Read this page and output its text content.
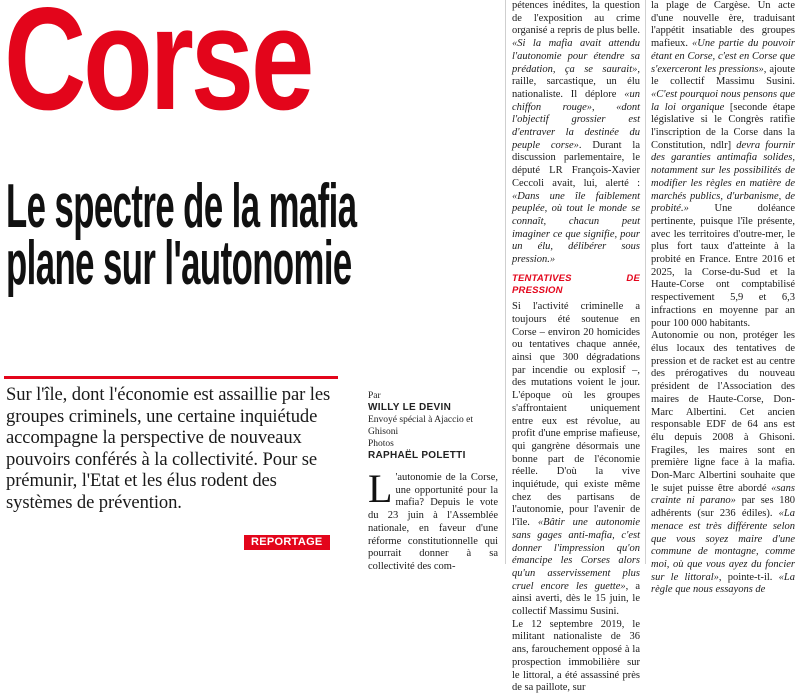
Corse
Le spectre de la mafia
plane sur l'autonomie

Sur l'île, dont l'économie est assaillie par les groupes criminels, une certaine inquiétude accompagne la perspective de nouveaux pouvoirs conférés à la collectivité. Pour se prémunir, l'Etat et les élus rodent des systèmes de prévention.

REPORTAGE
Par
WILLY LE DEVIN
Envoyé spécial à Ajaccio et Ghisoni
Photos
RAPHAËL POLETTI

L 'autonomie de la Corse, une opportunité pour la mafia? Depuis le vote du 23 juin à l'Assemblée nationale, en faveur d'une réforme constitutionnelle qui pourrait donner à sa collectivité des com-

pétences inédites, la question de l'exposition au crime organisé a repris de plus belle. «Si la mafia avait attendu l'autonomie pour étendre sa prédation, ça se saurait», raille, sarcastique, un élu nationaliste. Il déplore «un chiffon rouge», «dont l'objectif grossier est d'entraver la destinée du peuple corse». Durant la discussion parlementaire, le député LR François-Xavier Ceccoli avait, lui, alerté : «Dans une île faiblement peuplée, où tout le monde se connaît, chacun peut imaginer ce que signifie, pour un élu, délibérer sous pression.»

TENTATIVES DE PRESSION

Si l'activité criminelle a toujours été soutenue en Corse – environ 20 homicides ou tentatives chaque année, ainsi que 300 dégradations par incendie ou explosif –, des mutations voient le jour. L'époque où les groupes s'affrontaient uniquement entre eux est révolue, au profit d'une emprise mafieuse, qui gangrène désormais une bonne part de l'économie réelle. D'où la vive inquiétude, qui existe même chez des partisans de l'autonomie, pour l'avenir de l'île. «Bâtir une autonomie sans gages anti-mafia, c'est donner l'impression qu'on émancipe les Corses alors qu'un asservissement plus cruel encore les guette», a ainsi averti, dès le 15 juin, le collectif Massimu Susini.

Le 12 septembre 2019, le militant nationaliste de 36 ans, farouchement opposé à la prospection immobilière sur le littoral, a été assassiné près de sa paillote, sur

la plage de Cargèse. Un acte d'une nouvelle ère, traduisant l'appétit insatiable des groupes mafieux. «Une partie du pouvoir étant en Corse, c'est en Corse que s'exerceront les pressions», ajoute le collectif Massimu Susini. «C'est pourquoi nous pensons que la loi organique [seconde étape législative si le Congrès ratifie l'inscription de la Corse dans la Constitution, ndlr] devra fournir des garanties antimafia solides, notamment sur les possibilités de modifier les règles en matière de marchés publics, d'urbanisme, de probité.» Une doléance pertinente, puisque l'île présente, avec les territoires d'outre-mer, le plus fort taux d'atteinte à la probité en France. Entre 2016 et 2025, la Corse-du-Sud et la Haute-Corse ont comptabilisé respectivement 5,9 et 6,3 infractions en moyenne par an pour 100 000 habitants.

Autonomie ou non, protéger les élus locaux des tentatives de pression et de racket est au centre des prérogatives du nouveau président de l'Association des maires de Haute-Corse, Don-Marc Albertini. Cet ancien responsable EDF de 64 ans est élu depuis 2008 à Ghisoni. Fragiles, les maires sont en première ligne face à la mafia. Don-Marc Albertini souhaite que le sujet puisse être abordé «sans crainte ni parano» par ses 180 adhérents (sur 236 édiles). «La menace est très différente selon que vous soyez maire d'une commune de montagne, comme moi, où que vous ayez du foncier sur le littoral», pointe-t-il. «La règle que nous essayons de
